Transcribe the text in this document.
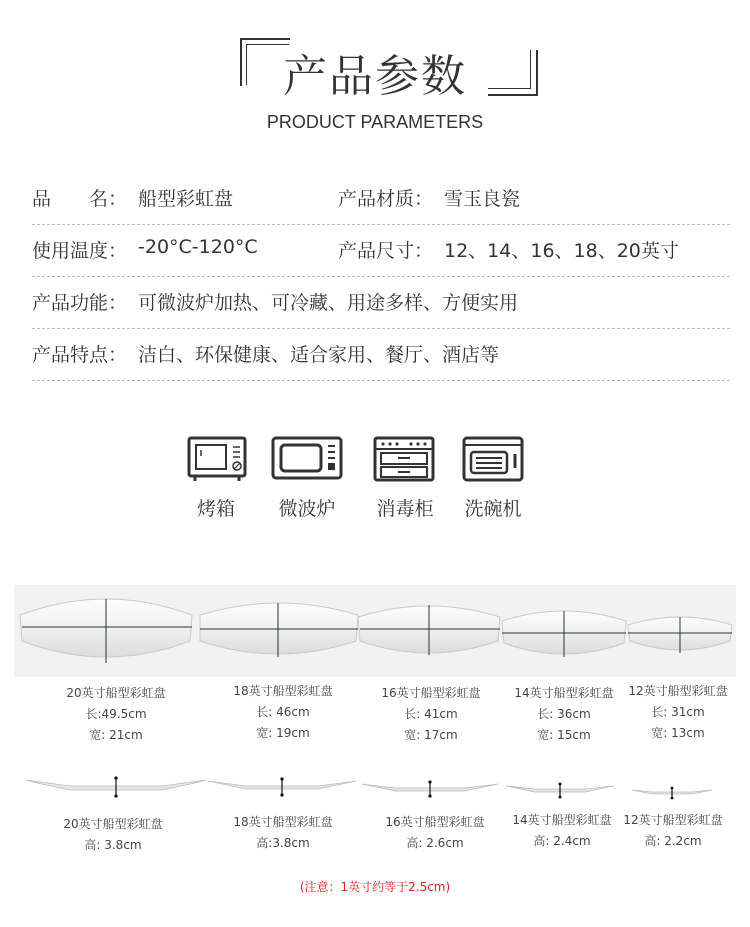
产品参数
PRODUCT PARAMETERS
品　　名： 船型彩虹盘	产品材质： 雪玉良瓷
使用温度： -20°C-120°C	产品尺寸： 12、14、16、18、20英寸
产品功能： 可微波炉加热、可冷藏、用途多样、方便实用
产品特点： 洁白、环保健康、适合家用、餐厅、酒店等
烤箱	微波炉	消毒柜	洗碗机
20英寸船型彩虹盘
长:49.5cm
宽: 21cm
18英寸船型彩虹盘
长: 46cm
宽: 19cm
16英寸船型彩虹盘
长: 41cm
宽: 17cm
14英寸船型彩虹盘
长: 36cm
宽: 15cm
12英寸船型彩虹盘
长: 31cm
宽: 13cm
20英寸船型彩虹盘
高: 3.8cm
18英寸船型彩虹盘
高:3.8cm
16英寸船型彩虹盘
高: 2.6cm
14英寸船型彩虹盘
高: 2.4cm
12英寸船型彩虹盘
高: 2.2cm
(注意：1英寸约等于2.5cm)
